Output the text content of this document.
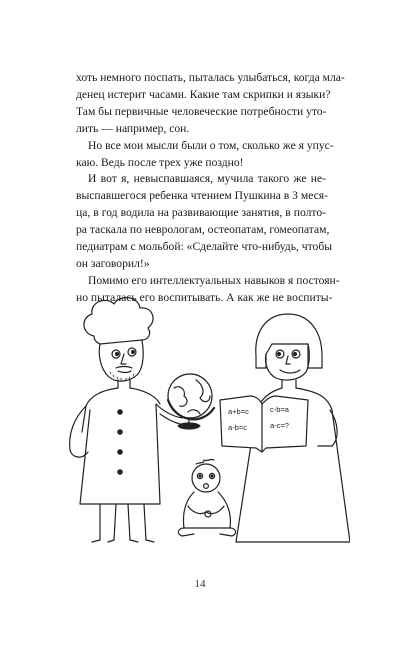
хоть немного поспать, пыталась улыбаться, когда мла-
денец истерит часами. Какие там скрипки и языки?
Там бы первичные человеческие потребности уто-
лить — например, сон.
Но все мои мысли были о том, сколько же я упус-
каю. Ведь после трех уже поздно!
И вот я, невыспавшаяся, мучила такого же не-
выспавшегося ребенка чтением Пушкина в 3 меся-
ца, в год водила на развивающие занятия, в полто-
ра таскала по неврологам, остеопатам, гомеопатам,
педиатрам с мольбой: «Сделайте что-нибудь, чтобы
он заговорил!»
Помимо его интеллектуальных навыков я постоян-
но пыталась его воспитывать. А как же не воспиты-
a+b=c
a-b=c
c-b=a
a-c=?
14
